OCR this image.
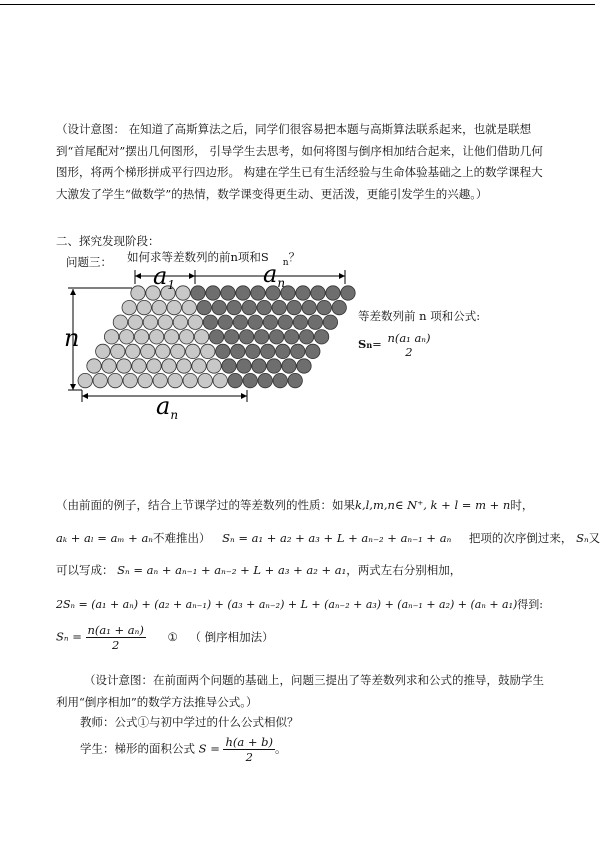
（设计意图： 在知道了高斯算法之后，同学们很容易把本题与高斯算法联系起来，也就是联想到“首尾配对”摆出几何图形， 引导学生去思考，如何将图与倒序相加结合起来，让他们借助几何图形，将两个梯形拼成平行四边形。 构建在学生已有生活经验与生命体验基础之上的数学课程大大激发了学生“做数学”的热情，数学课变得更生动、更活泼，更能引发学生的兴趣。）
二、探究发现阶段：
问题三： 如何求等差数列的前n项和S $_n$？
$a_1$	$a_n$
n
$a_n$
等差数列前 n 项和公式:
Sn= n(a₁ aₙ)
2
（由前面的例子，结合上节课学过的等差数列的性质：如果k,l,m,n∈ N⁺, k + l = m + n时，
aₖ + aₗ = aₘ + aₙ不难推出） Sₙ = a₁ + a₂ + a₃ + L + aₙ₋₂ + aₙ₋₁ + aₙ 把项的次序倒过来， Sₙ又
可以写成： Sₙ = aₙ + aₙ₋₁ + aₙ₋₂ + L + a₃ + a₂ + a₁，两式左右分别相加，
2Sₙ = (a₁ + aₙ) + (a₂ + aₙ₋₁) + (a₃ + aₙ₋₂) + L + (aₙ₋₂ + a₃) + (aₙ₋₁ + a₂) + (aₙ + a₁)得到:
$S_n = \frac{\text{n(a₁ + aₙ)}}{2}$ ① （ 倒序相加法）
（设计意图：在前面两个问题的基础上，问题三提出了等差数列求和公式的推导，鼓励学生利用“倒序相加”的数学方法推导公式。）
教师：公式①与初中学过的什么公式相似？
学生：梯形的面积公式 $S = \frac{h(a + b)}{2}$ 。
